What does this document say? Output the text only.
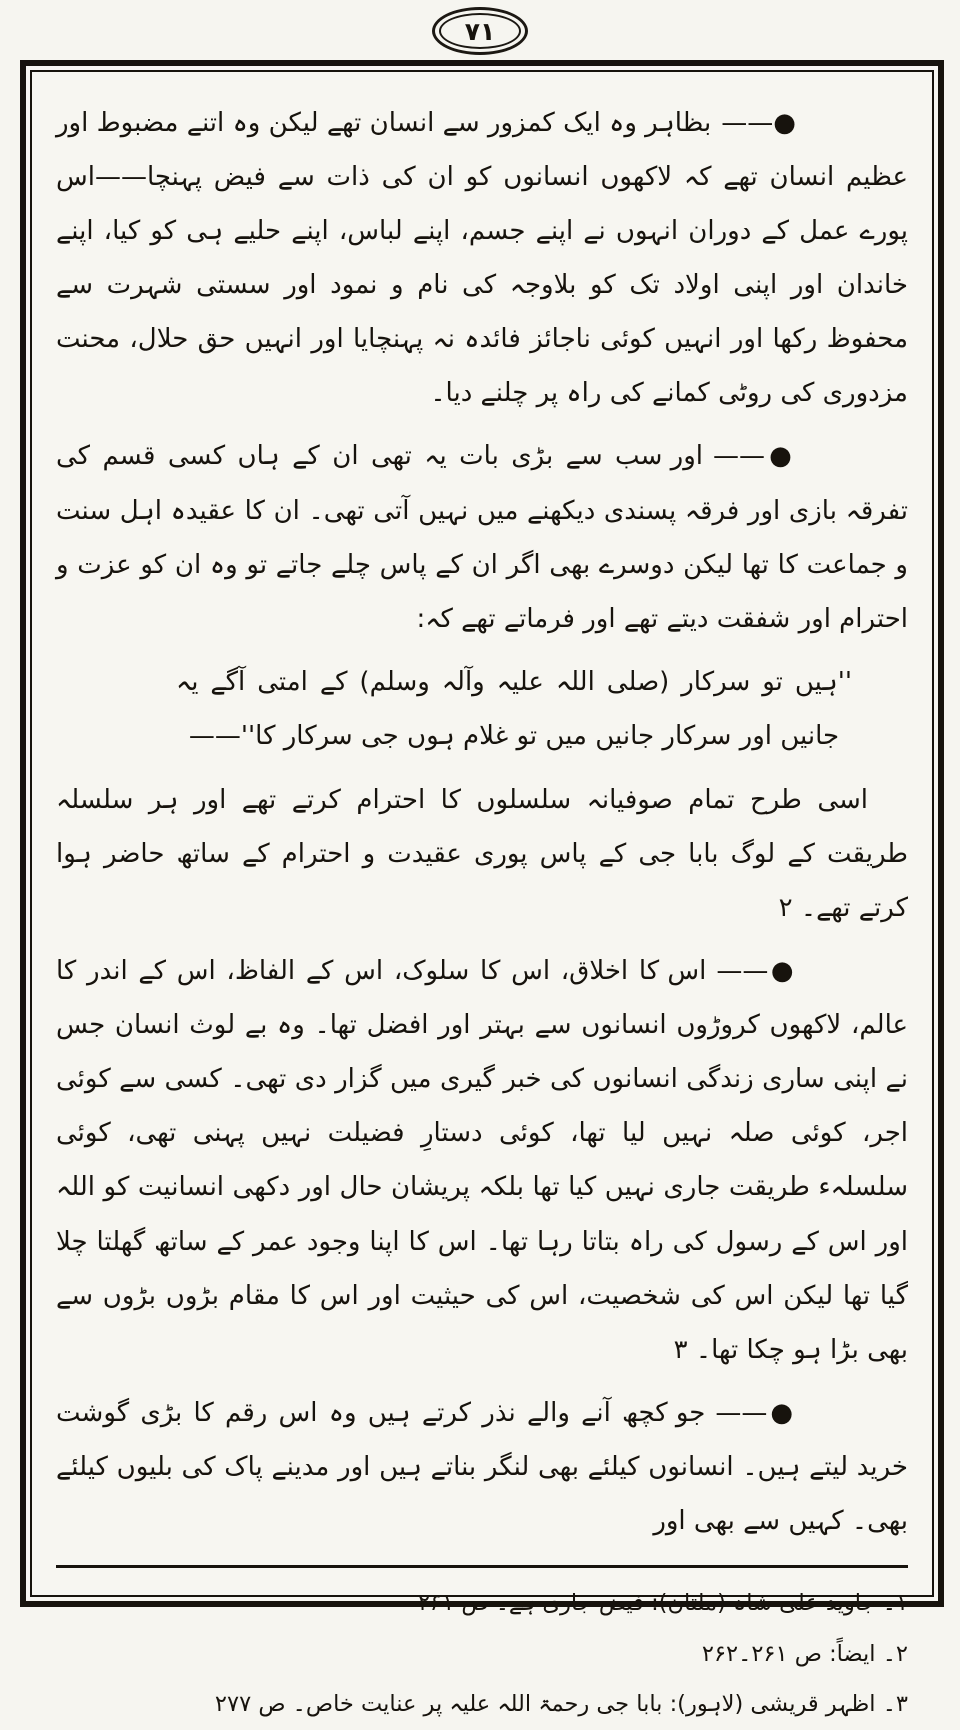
۷۱

●——بظاہر وہ ایک کمزور سے انسان تھے لیکن وہ اتنے مضبوط اور عظیم انسان تھے کہ لاکھوں انسانوں کو ان کی ذات سے فیض پہنچا——اس پورے عمل کے دوران انہوں نے اپنے جسم، اپنے لباس، اپنے حلیے ہی کو کیا، اپنے خاندان اور اپنی اولاد تک کو بلاوجہ کی نام و نمود اور سستی شہرت سے محفوظ رکھا اور انہیں کوئی ناجائز فائدہ نہ پہنچایا اور انہیں حق حلال، محنت مزدوری کی روٹی کمانے کی راہ پر چلنے دیا۔

●——اور سب سے بڑی بات یہ تھی ان کے ہاں کسی قسم کی تفرقہ بازی اور فرقہ پسندی دیکھنے میں نہیں آتی تھی۔ ان کا عقیدہ اہل سنت و جماعت کا تھا لیکن دوسرے بھی اگر ان کے پاس چلے جاتے تو وہ ان کو عزت و احترام اور شفقت دیتے تھے اور فرماتے تھے کہ:

''ہیں تو سرکار (صلی اللہ علیہ وآلہ وسلم) کے امتی آگے یہ جانیں اور سرکار جانیں میں تو غلام ہوں جی سرکار کا''——

اسی طرح تمام صوفیانہ سلسلوں کا احترام کرتے تھے اور ہر سلسلہ طریقت کے لوگ بابا جی کے پاس پوری عقیدت و احترام کے ساتھ حاضر ہوا کرتے تھے۔ ۲

●——اس کا اخلاق، اس کا سلوک، اس کے الفاظ، اس کے اندر کا عالم، لاکھوں کروڑوں انسانوں سے بہتر اور افضل تھا۔ وہ بے لوث انسان جس نے اپنی ساری زندگی انسانوں کی خبر گیری میں گزار دی تھی۔ کسی سے کوئی اجر، کوئی صلہ نہیں لیا تھا، کوئی دستارِ فضیلت نہیں پہنی تھی، کوئی سلسلہء طریقت جاری نہیں کیا تھا بلکہ پریشان حال اور دکھی انسانیت کو اللہ اور اس کے رسول کی راہ بتاتا رہا تھا۔ اس کا اپنا وجود عمر کے ساتھ گھلتا چلا گیا تھا لیکن اس کی شخصیت، اس کی حیثیت اور اس کا مقام بڑوں بڑوں سے بھی بڑا ہو چکا تھا۔ ۳

●——جو کچھ آنے والے نذر کرتے ہیں وہ اس رقم کا بڑی گوشت خرید لیتے ہیں۔ انسانوں کیلئے بھی لنگر بناتے ہیں اور مدینے پاک کی بلیوں کیلئے بھی۔ کہیں سے بھی اور

۱۔ جاوید علی شاہ (ملتان): فیض جاری ہے۔ ص ۲۶۱

۲۔ ایضاً: ص ۲۶۱۔۲۶۲

۳۔ اظہر قریشی (لاہور): بابا جی رحمۃ اللہ علیہ پر عنایت خاص۔ ص ۲۷۷
